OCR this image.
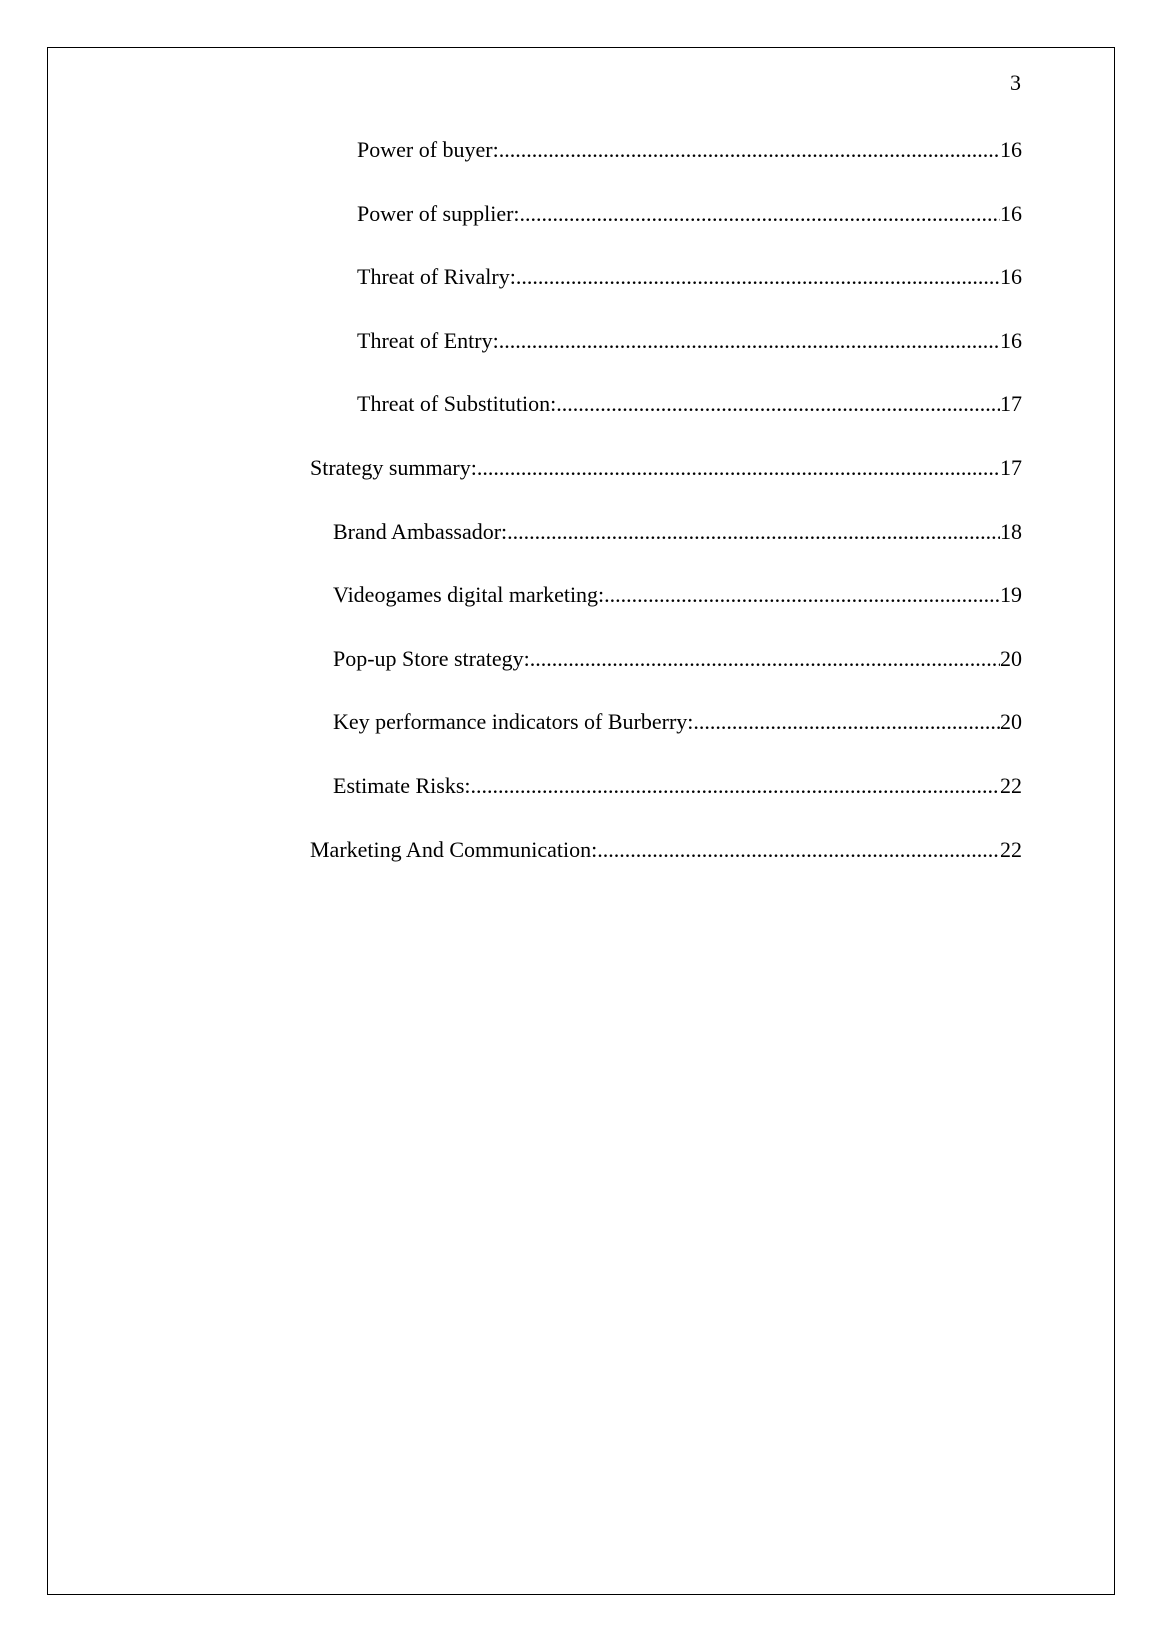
3
Power of buyer: .....	16
Power of supplier: .....	16
Threat of Rivalry: .....	16
Threat of Entry: .....	16
Threat of Substitution: .....	17
Strategy summary: .....	17
Brand Ambassador: .....	18
Videogames digital marketing: .....	19
Pop-up Store strategy: .....	20
Key performance indicators of Burberry: .....	20
Estimate Risks: .....	22
Marketing And Communication: .....	22
